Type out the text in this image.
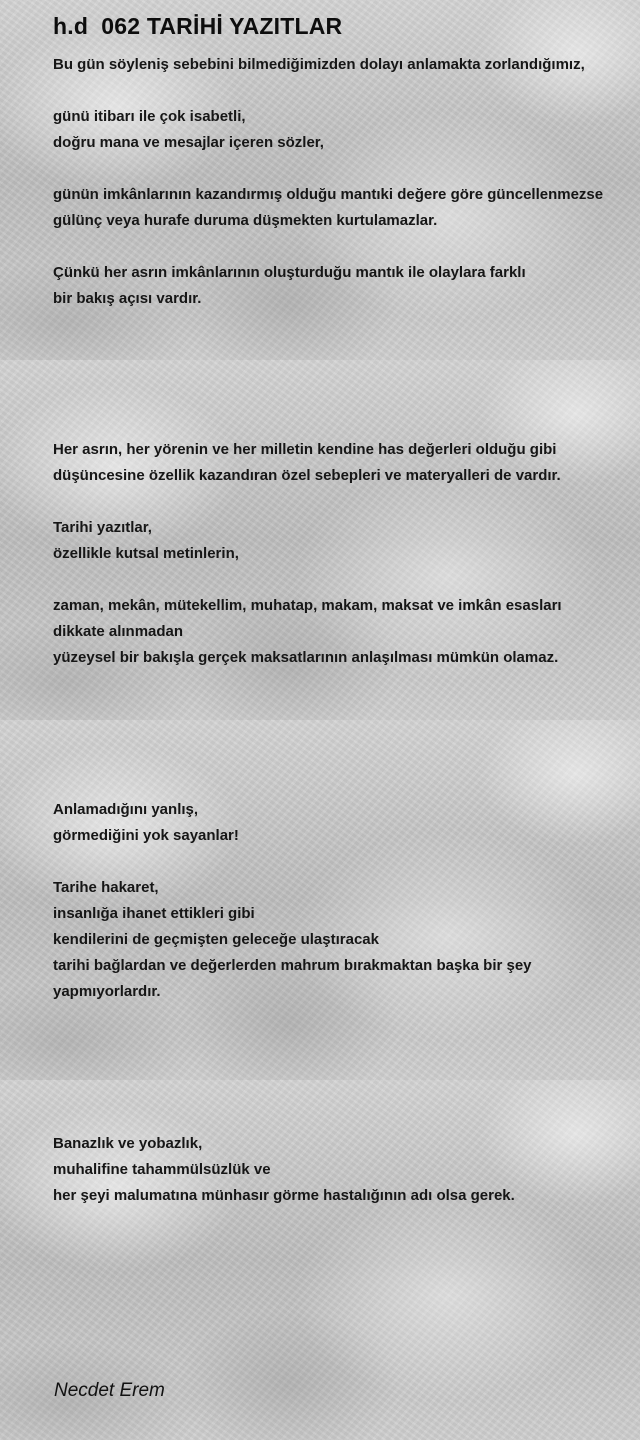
h.d  062 TARİHİ YAZITLAR
Bu gün söyleniş sebebini bilmediğimizden dolayı anlamakta zorlandığımız,
günü itibarı ile çok isabetli,
doğru mana ve mesajlar içeren sözler,
günün imkânlarının kazandırmış olduğu mantıki değere göre güncellenmezse
gülünç veya hurafe duruma düşmekten kurtulamazlar.
Çünkü her asrın imkânlarının oluşturduğu mantık ile olaylara farklı
bir bakış açısı vardır.
Her asrın, her yörenin ve her milletin kendine has değerleri olduğu gibi
düşüncesine özellik kazandıran özel sebepleri ve materyalleri de vardır.
Tarihi yazıtlar,
özellikle kutsal metinlerin,
zaman, mekân, mütekellim, muhatap, makam, maksat ve imkân esasları
dikkate alınmadan
yüzeysel bir bakışla gerçek maksatlarının anlaşılması mümkün olamaz.
Anlamadığını yanlış,
görmediğini yok sayanlar!
Tarihe hakaret,
insanlığa ihanet ettikleri gibi
kendilerini de geçmişten geleceğe ulaştıracak
tarihi bağlardan ve değerlerden mahrum bırakmaktan başka bir şey
yapmıyorlardır.
Banazlık ve yobazlık,
muhalifine tahammülsüzlük ve
her şeyi malumatına münhasır görme hastalığının adı olsa gerek.
Necdet Erem
